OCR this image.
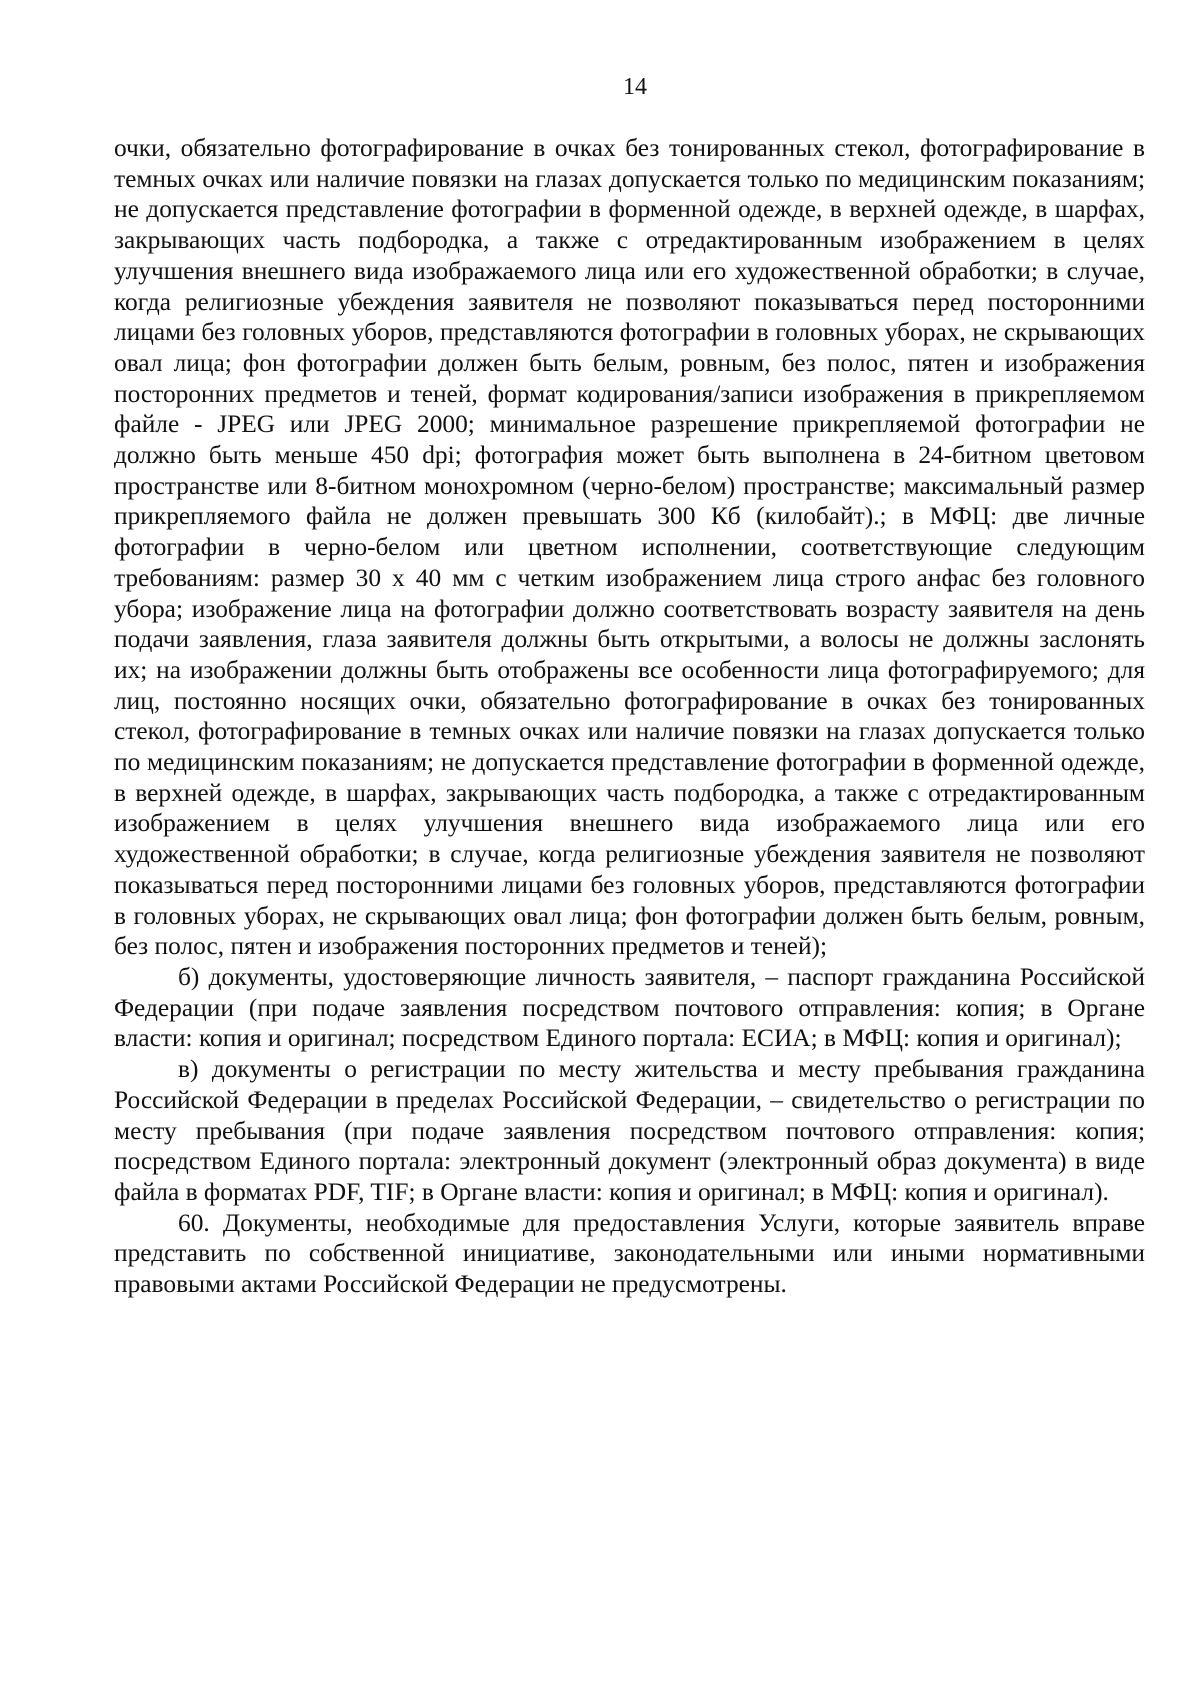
14

очки, обязательно фотографирование в очках без тонированных стекол, фотографирование в темных очках или наличие повязки на глазах допускается только по медицинским показаниям; не допускается представление фотографии в форменной одежде, в верхней одежде, в шарфах, закрывающих часть подбородка, а также с отредактированным изображением в целях улучшения внешнего вида изображаемого лица или его художественной обработки; в случае, когда религиозные убеждения заявителя не позволяют показываться перед посторонними лицами без головных уборов, представляются фотографии в головных уборах, не скрывающих овал лица; фон фотографии должен быть белым, ровным, без полос, пятен и изображения посторонних предметов и теней, формат кодирования/записи изображения в прикрепляемом файле - JPEG или JPEG 2000; минимальное разрешение прикрепляемой фотографии не должно быть меньше 450 dpi; фотография может быть выполнена в 24-битном цветовом пространстве или 8-битном монохромном (черно-белом) пространстве; максимальный размер прикрепляемого файла не должен превышать 300 Кб (килобайт).; в МФЦ: две личные фотографии в черно-белом или цветном исполнении, соответствующие следующим требованиям: размер 30 х 40 мм с четким изображением лица строго анфас без головного убора; изображение лица на фотографии должно соответствовать возрасту заявителя на день подачи заявления, глаза заявителя должны быть открытыми, а волосы не должны заслонять их; на изображении должны быть отображены все особенности лица фотографируемого; для лиц, постоянно носящих очки, обязательно фотографирование в очках без тонированных стекол, фотографирование в темных очках или наличие повязки на глазах допускается только по медицинским показаниям; не допускается представление фотографии в форменной одежде, в верхней одежде, в шарфах, закрывающих часть подбородка, а также с отредактированным изображением в целях улучшения внешнего вида изображаемого лица или его художественной обработки; в случае, когда религиозные убеждения заявителя не позволяют показываться перед посторонними лицами без головных уборов, представляются фотографии в головных уборах, не скрывающих овал лица; фон фотографии должен быть белым, ровным, без полос, пятен и изображения посторонних предметов и теней);

б) документы, удостоверяющие личность заявителя, – паспорт гражданина Российской Федерации (при подаче заявления посредством почтового отправления: копия; в Органе власти: копия и оригинал; посредством Единого портала: ЕСИА; в МФЦ: копия и оригинал);

в) документы о регистрации по месту жительства и месту пребывания гражданина Российской Федерации в пределах Российской Федерации, – свидетельство о регистрации по месту пребывания (при подаче заявления посредством почтового отправления: копия; посредством Единого портала: электронный документ (электронный образ документа) в виде файла в форматах PDF, TIF; в Органе власти: копия и оригинал; в МФЦ: копия и оригинал).

60. Документы, необходимые для предоставления Услуги, которые заявитель вправе представить по собственной инициативе, законодательными или иными нормативными правовыми актами Российской Федерации не предусмотрены.
